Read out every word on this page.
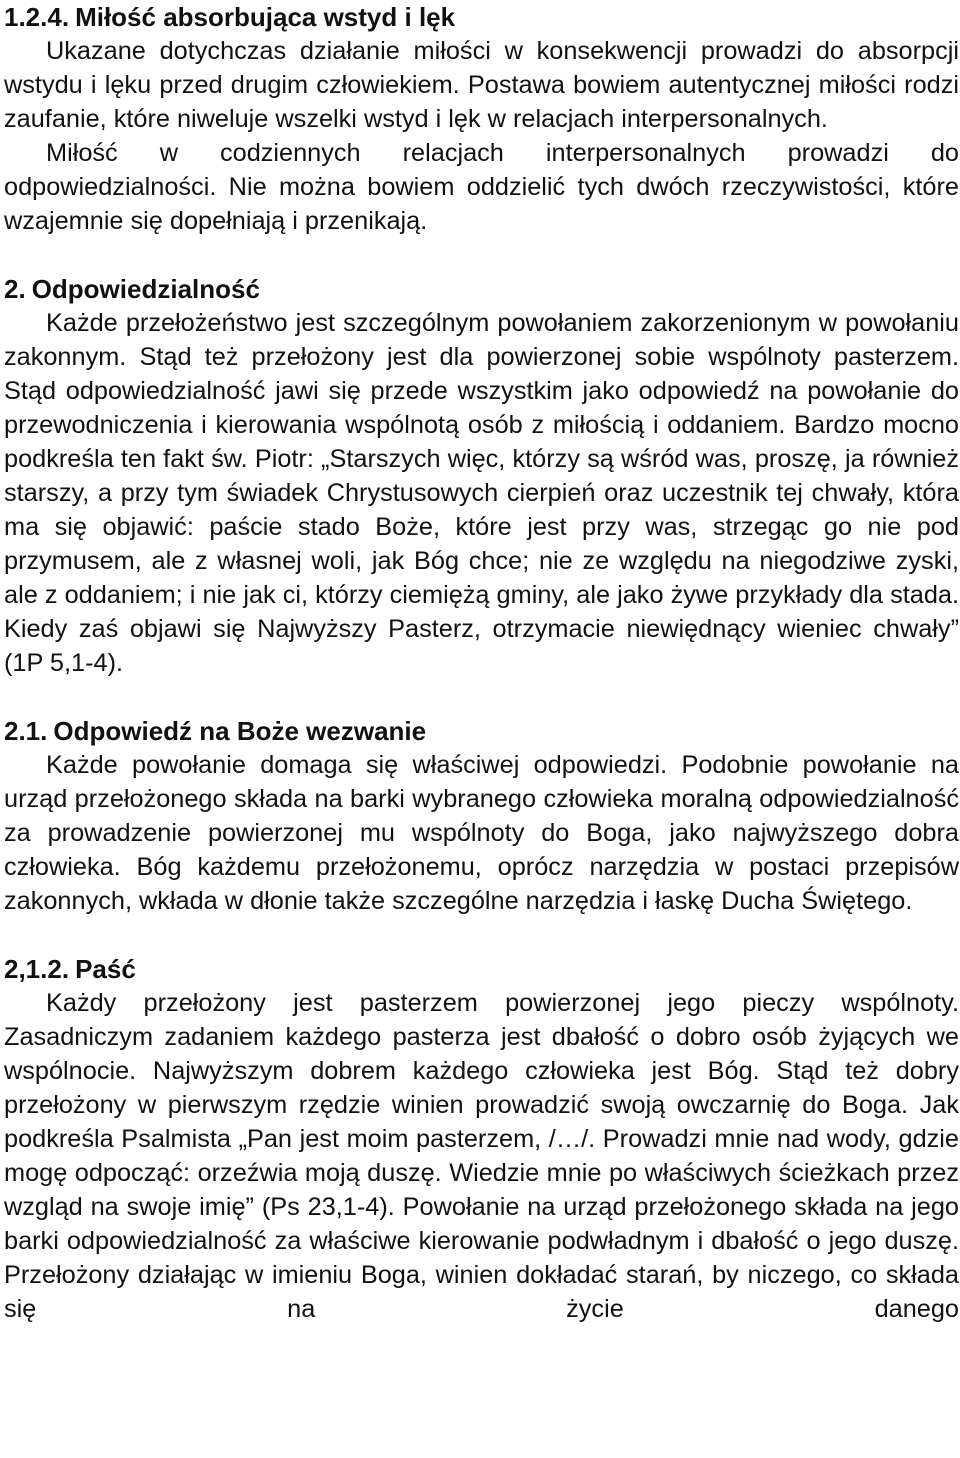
1.2.4. Miłość absorbująca wstyd i lęk

Ukazane dotychczas działanie miłości w konsekwencji prowadzi do absorpcji wstydu i lęku przed drugim człowiekiem. Postawa bowiem autentycznej miłości rodzi zaufanie, które niweluje wszelki wstyd i lęk w relacjach interpersonalnych.

Miłość w codziennych relacjach interpersonalnych prowadzi do odpowiedzialności. Nie można bowiem oddzielić tych dwóch rzeczywistości, które wzajemnie się dopełniają i przenikają.

2. Odpowiedzialność

Każde przełożeństwo jest szczególnym powołaniem zakorzenionym w powołaniu zakonnym. Stąd też przełożony jest dla powierzonej sobie wspólnoty pasterzem. Stąd odpowiedzialność jawi się przede wszystkim jako odpowiedź na powołanie do przewodniczenia i kierowania wspólnotą osób z miłością i oddaniem. Bardzo mocno podkreśla ten fakt św. Piotr: „Starszych więc, którzy są wśród was, proszę, ja również starszy, a przy tym świadek Chrystusowych cierpień oraz uczestnik tej chwały, która ma się objawić: paście stado Boże, które jest przy was, strzegąc go nie pod przymusem, ale z własnej woli, jak Bóg chce; nie ze względu na niegodziwe zyski, ale z oddaniem; i nie jak ci, którzy ciemiężą gminy, ale jako żywe przykłady dla stada. Kiedy zaś objawi się Najwyższy Pasterz, otrzymacie niewiędnący wieniec chwały” (1P 5,1-4).

2.1. Odpowiedź na Boże wezwanie

Każde powołanie domaga się właściwej odpowiedzi. Podobnie powołanie na urząd przełożonego składa na barki wybranego człowieka moralną odpowiedzialność za prowadzenie powierzonej mu wspólnoty do Boga, jako najwyższego dobra człowieka. Bóg każdemu przełożonemu, oprócz narzędzia w postaci przepisów zakonnych, wkłada w dłonie także szczególne narzędzia i łaskę Ducha Świętego.

2,1.2. Paść

Każdy przełożony jest pasterzem powierzonej jego pieczy wspólnoty. Zasadniczym zadaniem każdego pasterza jest dbałość o dobro osób żyjących we wspólnocie. Najwyższym dobrem każdego człowieka jest Bóg. Stąd też dobry przełożony w pierwszym rzędzie winien prowadzić swoją owczarnię do Boga. Jak podkreśla Psalmista „Pan jest moim pasterzem, /…/. Prowadzi mnie nad wody, gdzie mogę odpocząć: orzeźwia moją duszę. Wiedzie mnie po właściwych ścieżkach przez wzgląd na swoje imię” (Ps 23,1-4). Powołanie na urząd przełożonego składa na jego barki odpowiedzialność za właściwe kierowanie podwładnym i dbałość o jego duszę. Przełożony działając w imieniu Boga, winien dokładać starań, by niczego, co składa się na życie danego
